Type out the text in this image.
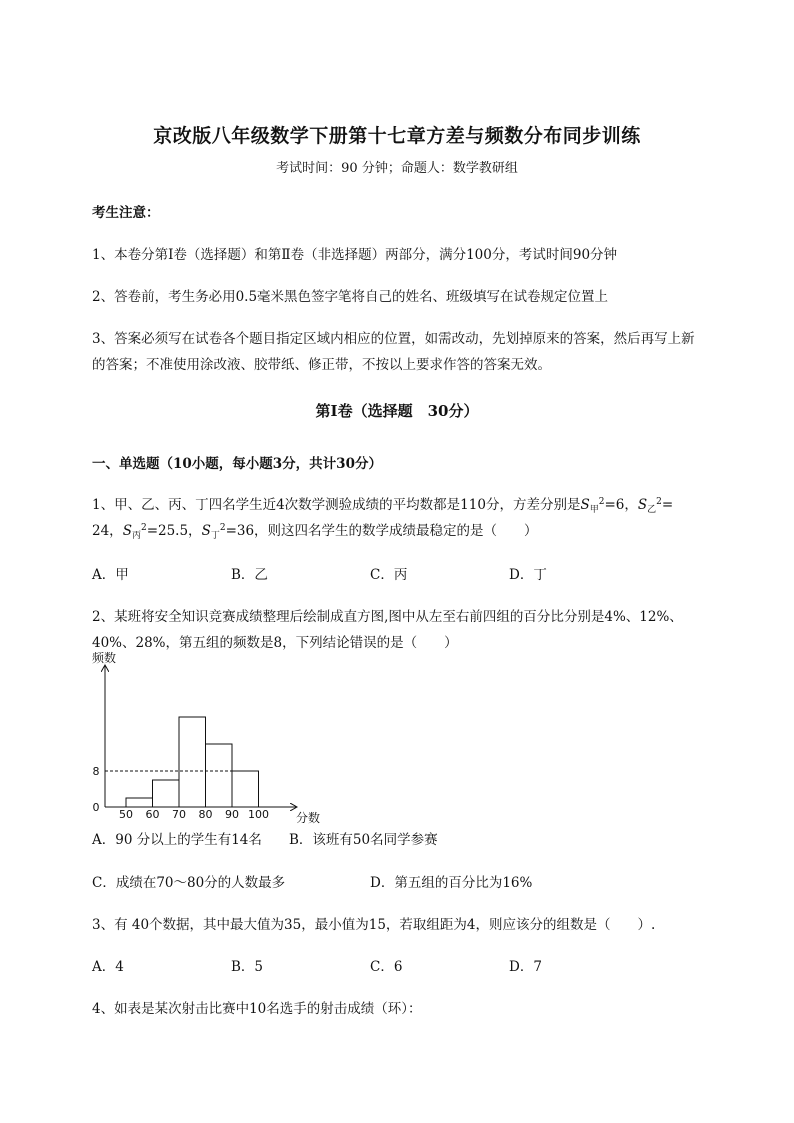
京改版八年级数学下册第十七章方差与频数分布同步训练
考试时间：90 分钟；命题人：数学教研组
考生注意：
1、本卷分第Ⅰ卷（选择题）和第Ⅱ卷（非选择题）两部分，满分100分，考试时间90分钟
2、答卷前，考生务必用0.5毫米黑色签字笔将自己的姓名、班级填写在试卷规定位置上
3、答案必须写在试卷各个题目指定区域内相应的位置，如需改动，先划掉原来的答案，然后再写上新
的答案；不准使用涂改液、胶带纸、修正带，不按以上要求作答的答案无效。
第Ⅰ卷（选择题　30分）
一、单选题（10小题，每小题3分，共计30分）
1、甲、乙、丙、丁四名学生近4次数学测验成绩的平均数都是110分，方差分别是$S_甲^2=6$，$S_乙^2=$
24，$S_丙^2=25.5$，$S_丁^2=36$，则这四名学生的数学成绩最稳定的是（　　）
A．甲	B．乙	C．丙	D．丁
2、某班将安全知识竞赛成绩整理后绘制成直方图,图中从左至右前四组的百分比分别是4%、12%、
40%、28%，第五组的频数是8，下列结论错误的是（　　）
频数
分数
50 60 70 80 90 100
0
8
A．90 分以上的学生有14名 B．该班有50名同学参赛
C．成绩在70～80分的人数最多	D．第五组的百分比为16%
3、有 40个数据，其中最大值为35，最小值为15，若取组距为4，则应该分的组数是（　　）.
A．4	B．5	C．6	D．7
4、如表是某次射击比赛中10名选手的射击成绩（环）：
